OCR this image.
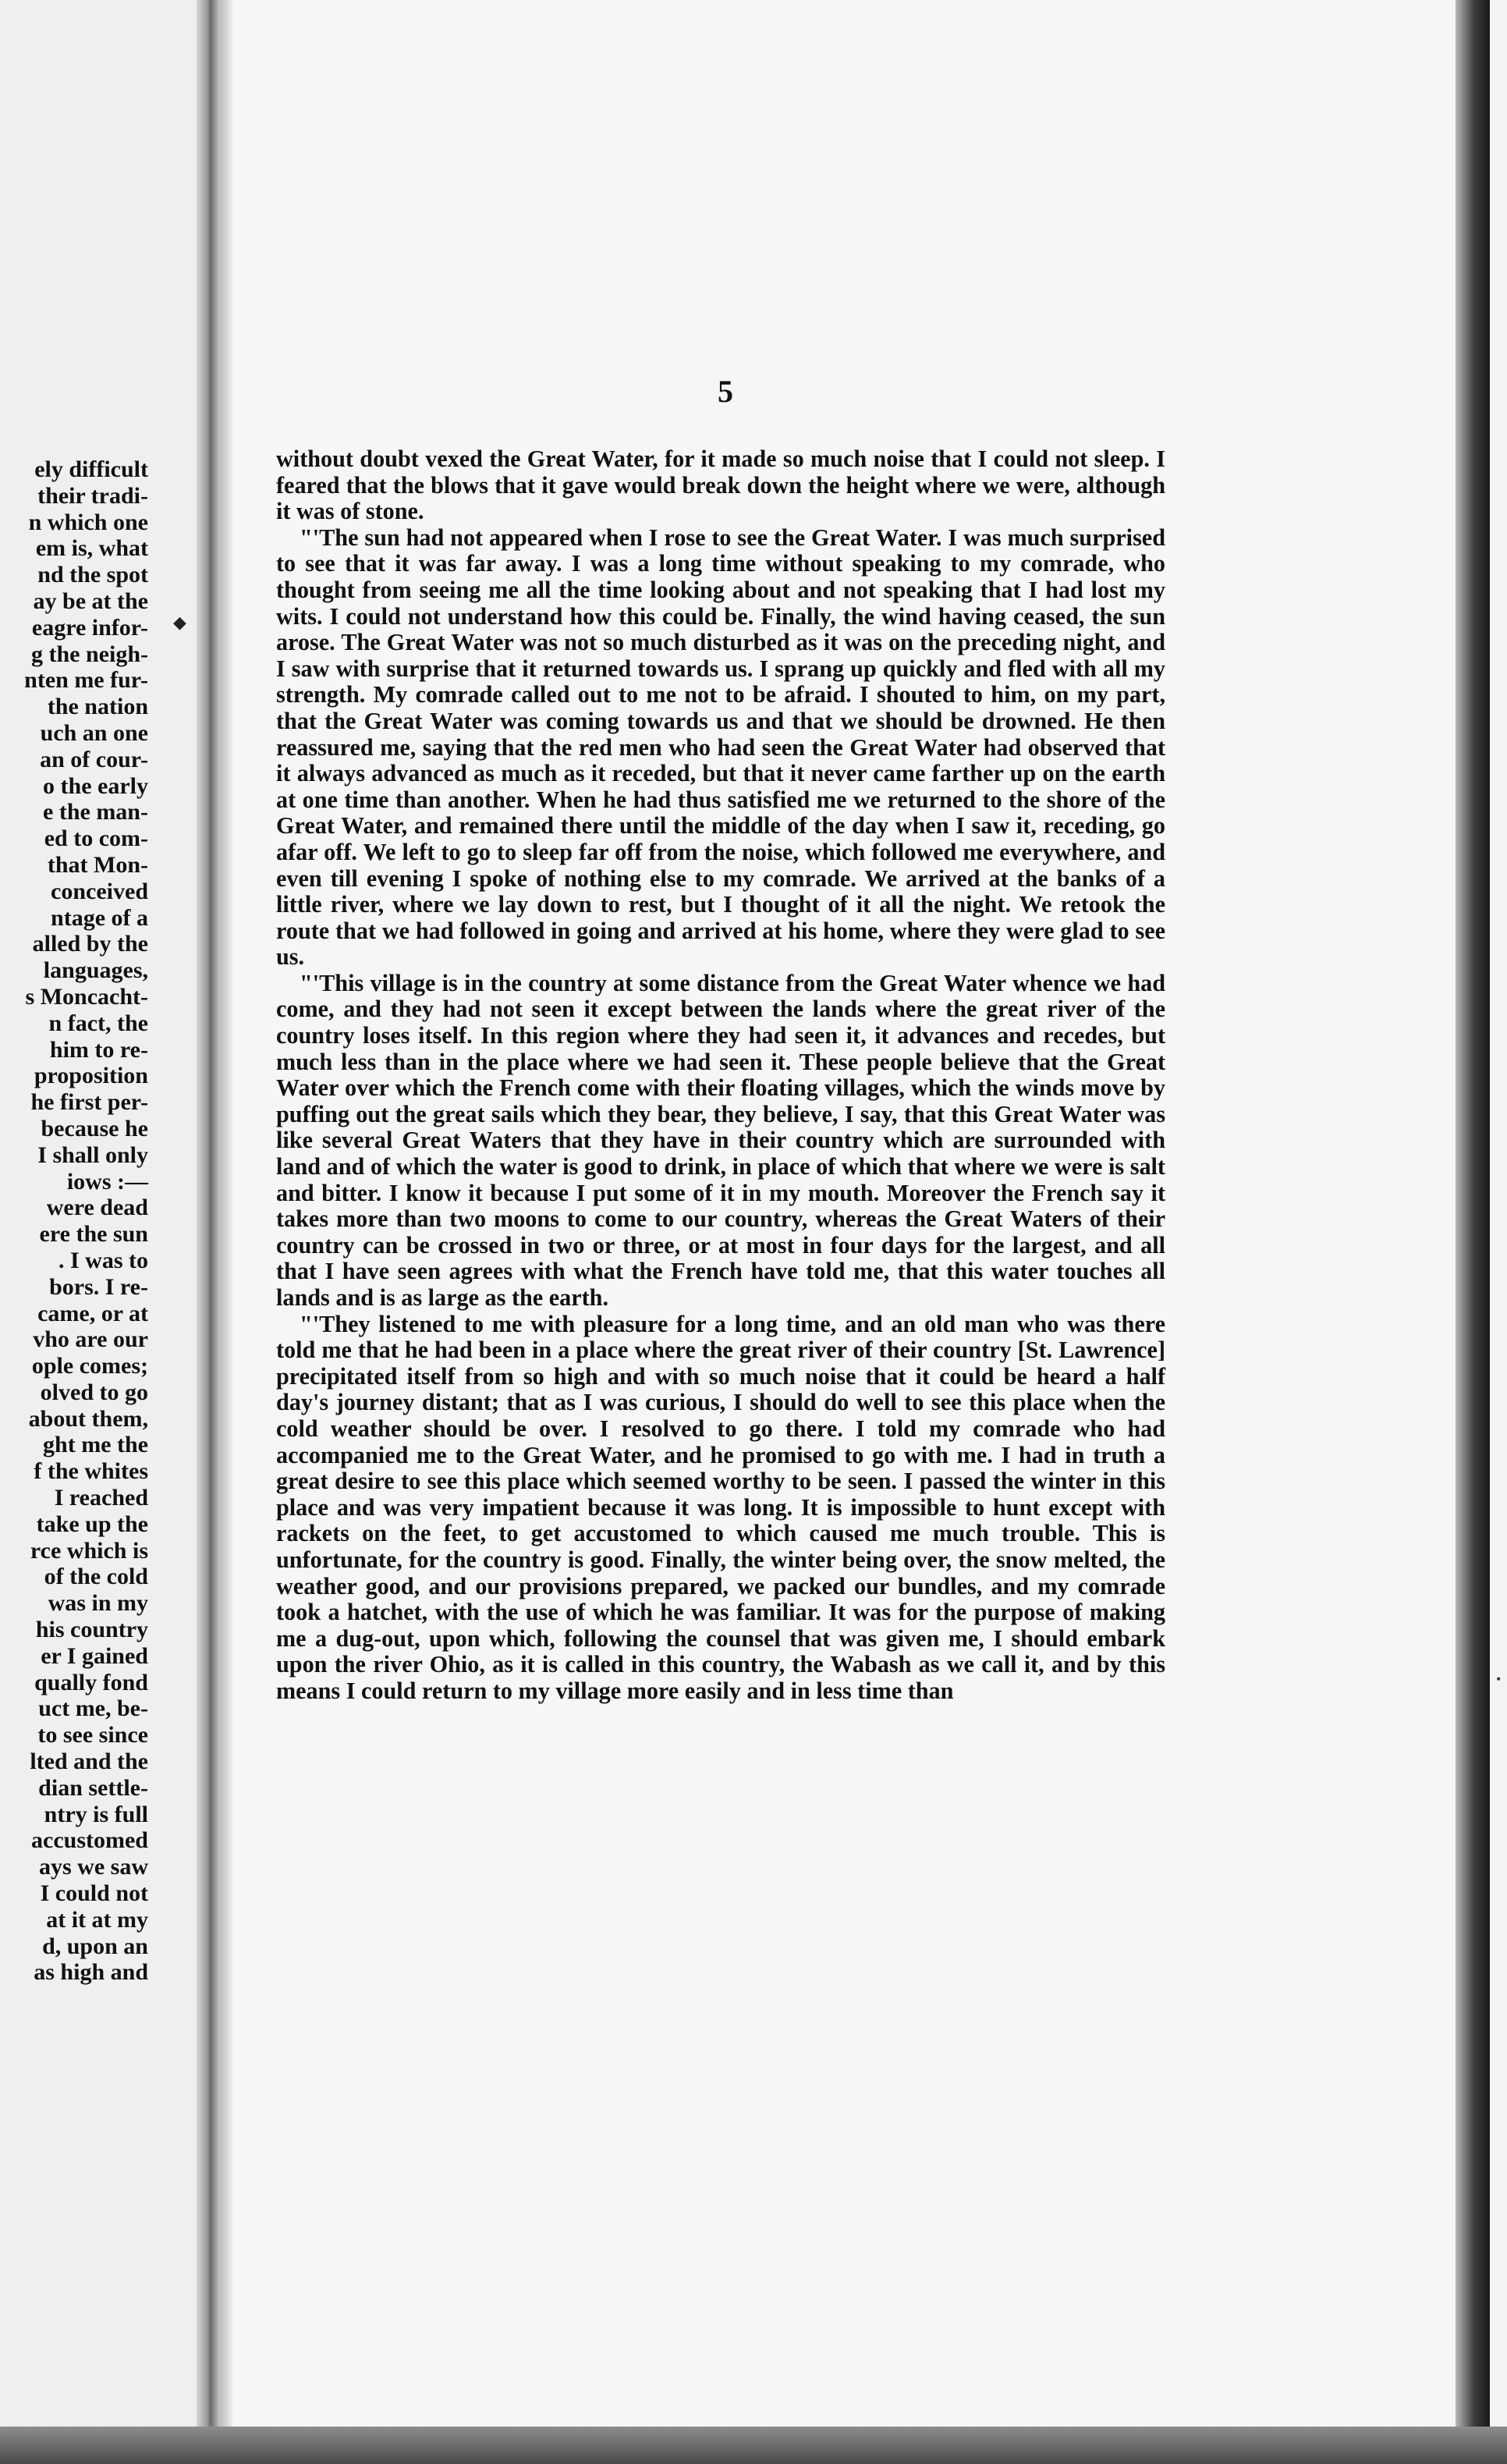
ely difficult
their tradi-
n which one
em is, what
nd the spot
ay be at the
eagre infor-
g the neigh-
nten me fur-
the nation
uch an one
an of cour-
o the early
e the man-
ed to com-
that Mon-
conceived
ntage of a
alled by the
languages,
s Moncacht-
n fact, the
him to re-
proposition
he first per-
because he
I shall only
iows :—
were dead
ere the sun
. I was to
bors. I re-
came, or at
vho are our
ople comes;
olved to go
about them,
ght me the
f the whites
I reached
take up the
rce which is
of the cold
was in my
his country
er I gained
qually fond
uct me, be-
to see since
lted and the
dian settle-
ntry is full
accustomed
ays we saw
I could not
at it at my
d, upon an
as high and
◆
•
5

without doubt vexed the Great Water, for it made so much noise that I could not sleep. I feared that the blows that it gave would break down the height where we were, although it was of stone.

"'The sun had not appeared when I rose to see the Great Water. I was much surprised to see that it was far away. I was a long time without speaking to my comrade, who thought from seeing me all the time looking about and not speaking that I had lost my wits. I could not understand how this could be. Finally, the wind having ceased, the sun arose. The Great Water was not so much disturbed as it was on the preceding night, and I saw with surprise that it returned towards us. I sprang up quickly and fled with all my strength. My comrade called out to me not to be afraid. I shouted to him, on my part, that the Great Water was coming towards us and that we should be drowned. He then reassured me, saying that the red men who had seen the Great Water had observed that it always advanced as much as it receded, but that it never came farther up on the earth at one time than another. When he had thus satisfied me we returned to the shore of the Great Water, and remained there until the middle of the day when I saw it, receding, go afar off. We left to go to sleep far off from the noise, which followed me everywhere, and even till evening I spoke of nothing else to my comrade. We arrived at the banks of a little river, where we lay down to rest, but I thought of it all the night. We retook the route that we had followed in going and arrived at his home, where they were glad to see us.

"'This village is in the country at some distance from the Great Water whence we had come, and they had not seen it except between the lands where the great river of the country loses itself. In this region where they had seen it, it advances and recedes, but much less than in the place where we had seen it. These people believe that the Great Water over which the French come with their floating villages, which the winds move by puffing out the great sails which they bear, they believe, I say, that this Great Water was like several Great Waters that they have in their country which are surrounded with land and of which the water is good to drink, in place of which that where we were is salt and bitter. I know it because I put some of it in my mouth. Moreover the French say it takes more than two moons to come to our country, whereas the Great Waters of their country can be crossed in two or three, or at most in four days for the largest, and all that I have seen agrees with what the French have told me, that this water touches all lands and is as large as the earth.

"'They listened to me with pleasure for a long time, and an old man who was there told me that he had been in a place where the great river of their country [St. Lawrence] precipitated itself from so high and with so much noise that it could be heard a half day's journey distant; that as I was curious, I should do well to see this place when the cold weather should be over. I resolved to go there. I told my comrade who had accompanied me to the Great Water, and he promised to go with me. I had in truth a great desire to see this place which seemed worthy to be seen. I passed the winter in this place and was very impatient because it was long. It is impossible to hunt except with rackets on the feet, to get accustomed to which caused me much trouble. This is unfortunate, for the country is good. Finally, the winter being over, the snow melted, the weather good, and our provisions prepared, we packed our bundles, and my comrade took a hatchet, with the use of which he was familiar. It was for the purpose of making me a dug-out, upon which, following the counsel that was given me, I should embark upon the river Ohio, as it is called in this country, the Wabash as we call it, and by this means I could return to my village more easily and in less time than
